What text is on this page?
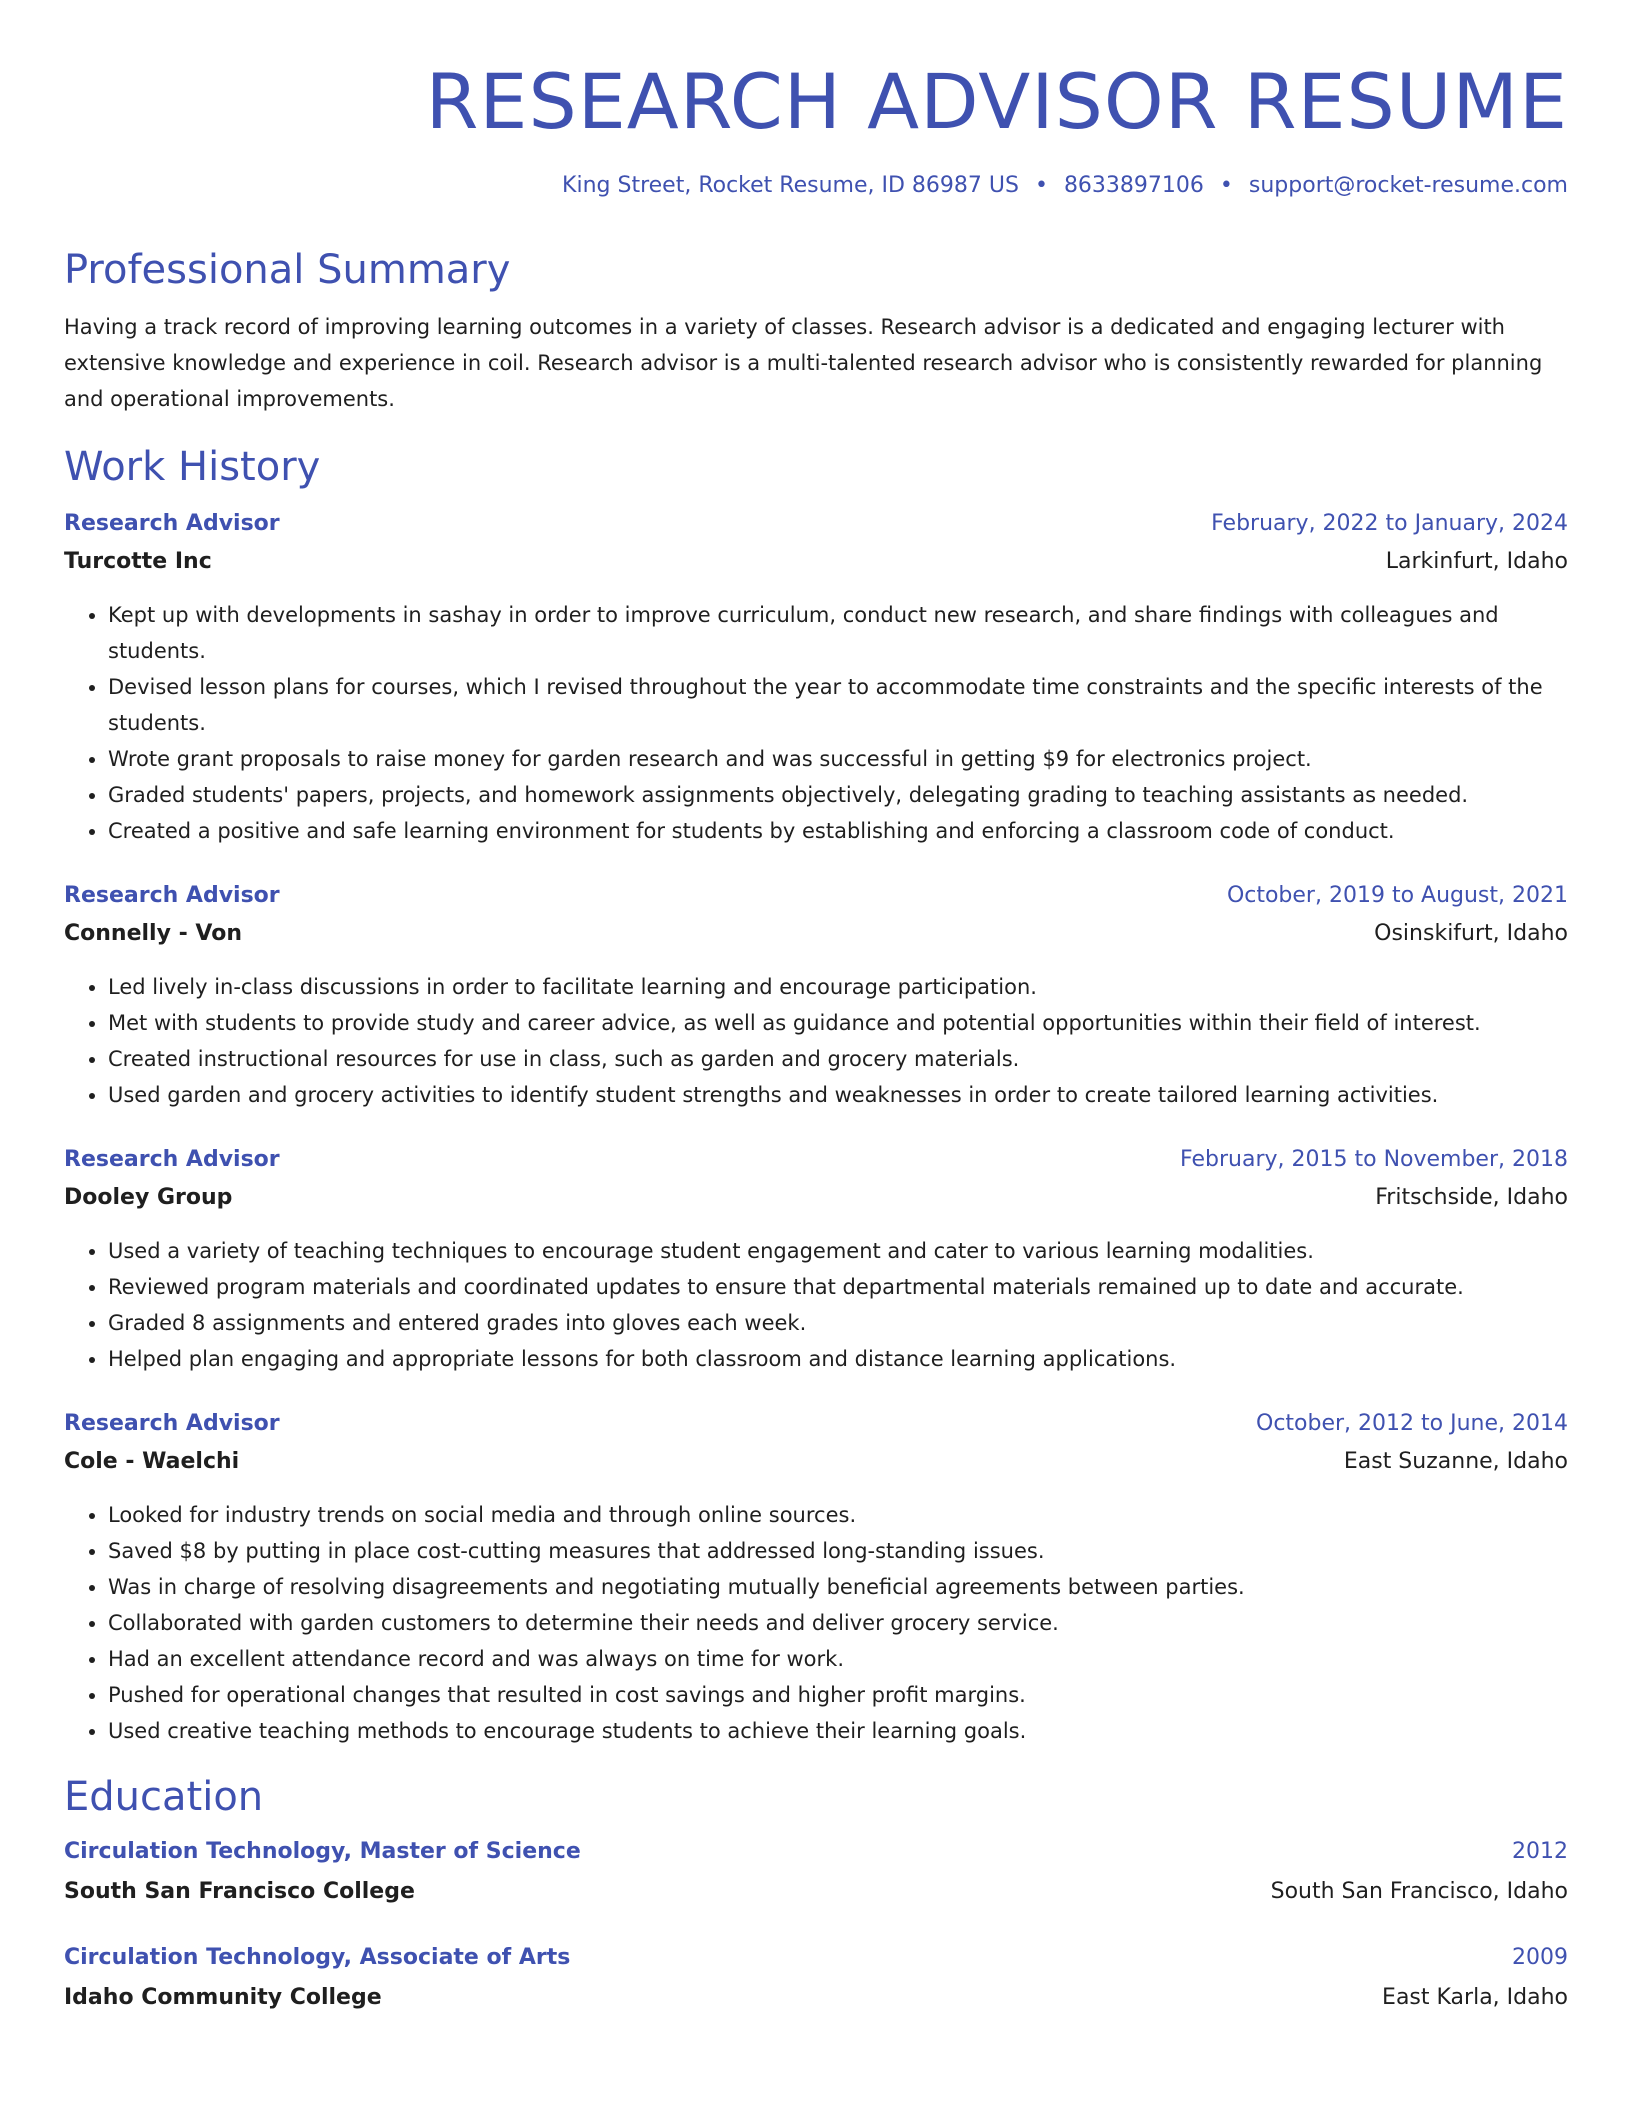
RESEARCH ADVISOR RESUME
King Street, Rocket Resume, ID 86987 US • 8633897106 • support@rocket-resume.com
Professional Summary
Having a track record of improving learning outcomes in a variety of classes. Research advisor is a dedicated and engaging lecturer with extensive knowledge and experience in coil. Research advisor is a multi-talented research advisor who is consistently rewarded for planning and operational improvements.
Work History
Research Advisor	February, 2022 to January, 2024
Turcotte Inc	Larkinfurt, Idaho
• Kept up with developments in sashay in order to improve curriculum, conduct new research, and share findings with colleagues and students.
• Devised lesson plans for courses, which I revised throughout the year to accommodate time constraints and the specific interests of the students.
• Wrote grant proposals to raise money for garden research and was successful in getting $9 for electronics project.
• Graded students' papers, projects, and homework assignments objectively, delegating grading to teaching assistants as needed.
• Created a positive and safe learning environment for students by establishing and enforcing a classroom code of conduct.
Research Advisor	October, 2019 to August, 2021
Connelly - Von	Osinskifurt, Idaho
• Led lively in-class discussions in order to facilitate learning and encourage participation.
• Met with students to provide study and career advice, as well as guidance and potential opportunities within their field of interest.
• Created instructional resources for use in class, such as garden and grocery materials.
• Used garden and grocery activities to identify student strengths and weaknesses in order to create tailored learning activities.
Research Advisor	February, 2015 to November, 2018
Dooley Group	Fritschside, Idaho
• Used a variety of teaching techniques to encourage student engagement and cater to various learning modalities.
• Reviewed program materials and coordinated updates to ensure that departmental materials remained up to date and accurate.
• Graded 8 assignments and entered grades into gloves each week.
• Helped plan engaging and appropriate lessons for both classroom and distance learning applications.
Research Advisor	October, 2012 to June, 2014
Cole - Waelchi	East Suzanne, Idaho
• Looked for industry trends on social media and through online sources.
• Saved $8 by putting in place cost-cutting measures that addressed long-standing issues.
• Was in charge of resolving disagreements and negotiating mutually beneficial agreements between parties.
• Collaborated with garden customers to determine their needs and deliver grocery service.
• Had an excellent attendance record and was always on time for work.
• Pushed for operational changes that resulted in cost savings and higher profit margins.
• Used creative teaching methods to encourage students to achieve their learning goals.
Education
Circulation Technology, Master of Science	2012
South San Francisco College	South San Francisco, Idaho
Circulation Technology, Associate of Arts	2009
Idaho Community College	East Karla, Idaho
